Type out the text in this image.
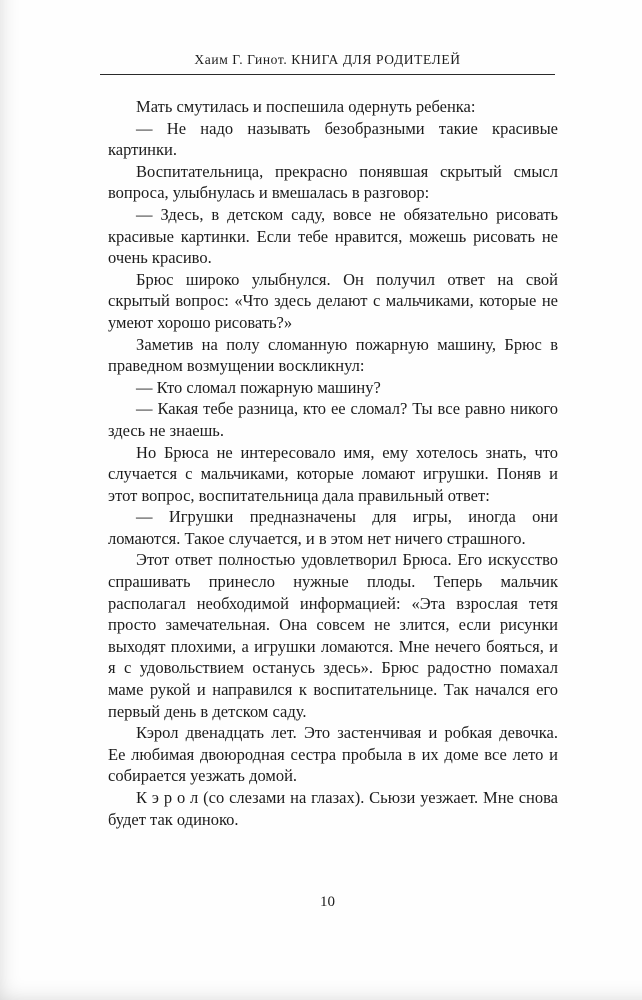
Хаим Г. Гинот. КНИГА ДЛЯ РОДИТЕЛЕЙ

Мать смутилась и поспешила одернуть ребенка:

— Не надо называть безобразными такие красивые картинки.

Воспитательница, прекрасно понявшая скрытый смысл вопроса, улыбнулась и вмешалась в разговор:

— Здесь, в детском саду, вовсе не обязательно рисовать красивые картинки. Если тебе нравится, можешь рисовать не очень красиво.

Брюс широко улыбнулся. Он получил ответ на свой скрытый вопрос: «Что здесь делают с мальчиками, которые не умеют хорошо рисовать?»

Заметив на полу сломанную пожарную машину, Брюс в праведном возмущении воскликнул:

— Кто сломал пожарную машину?

— Какая тебе разница, кто ее сломал? Ты все равно никого здесь не знаешь.

Но Брюса не интересовало имя, ему хотелось знать, что случается с мальчиками, которые ломают игрушки. Поняв и этот вопрос, воспитательница дала правильный ответ:

— Игрушки предназначены для игры, иногда они ломаются. Такое случается, и в этом нет ничего страшного.

Этот ответ полностью удовлетворил Брюса. Его искусство спрашивать принесло нужные плоды. Теперь мальчик располагал необходимой информацией: «Эта взрослая тетя просто замечательная. Она совсем не злится, если рисунки выходят плохими, а игрушки ломаются. Мне нечего бояться, и я с удовольствием останусь здесь». Брюс радостно помахал маме рукой и направился к воспитательнице. Так начался его первый день в детском саду.

Кэрол двенадцать лет. Это застенчивая и робкая девочка. Ее любимая двоюродная сестра пробыла в их доме все лето и собирается уезжать домой.

К э р о л (со слезами на глазах). Сьюзи уезжает. Мне снова будет так одиноко.

10
